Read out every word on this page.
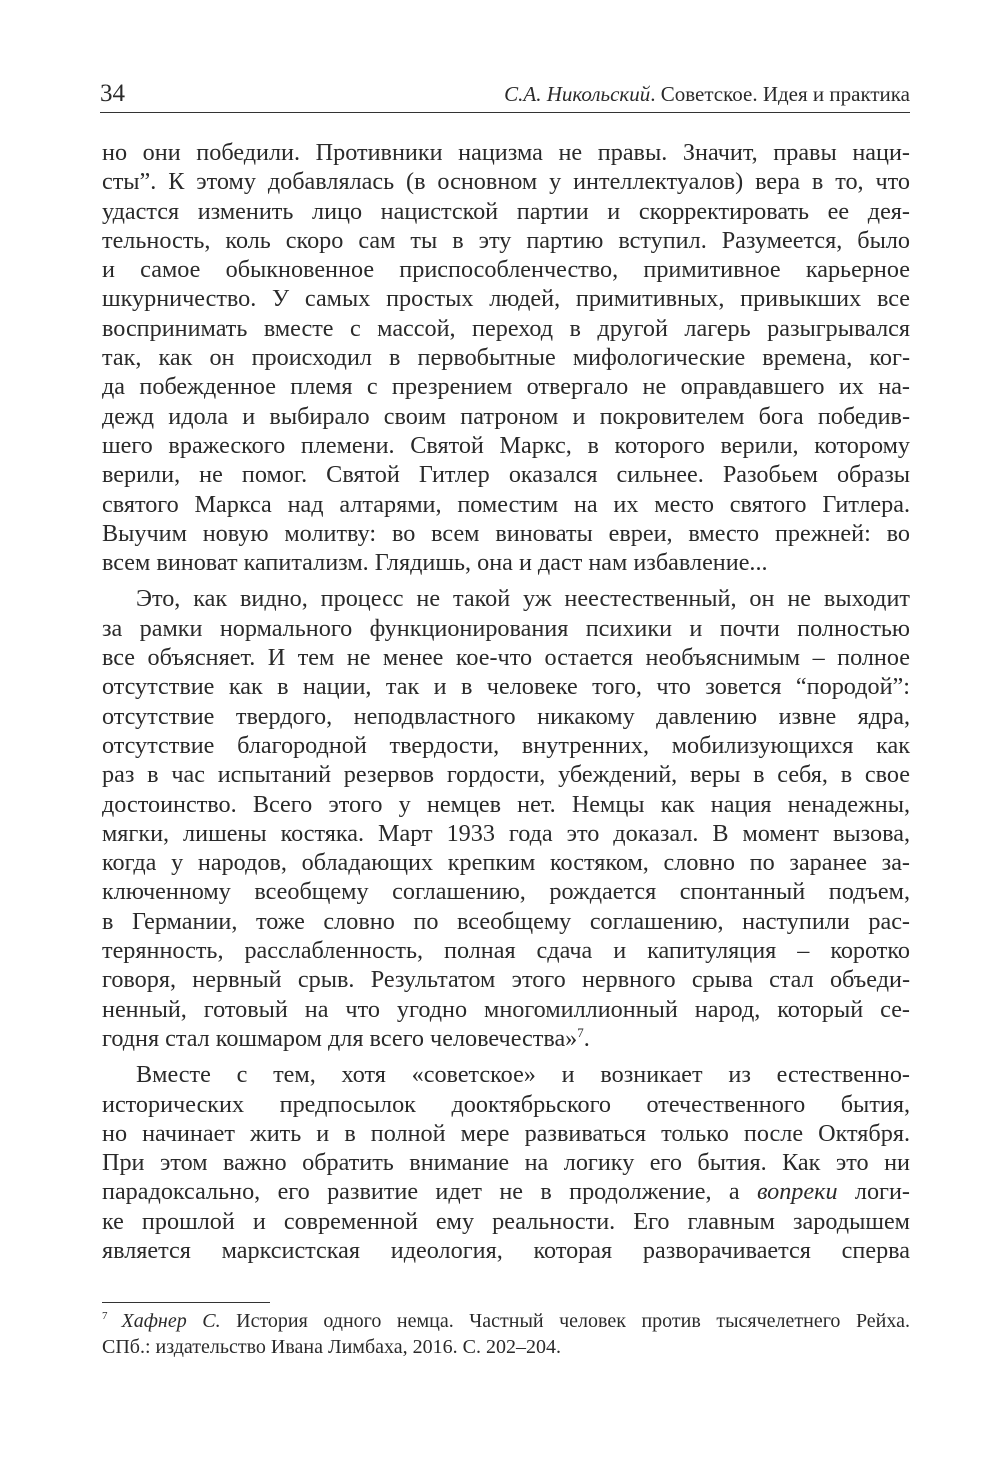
34	С.А. Никольский. Советское. Идея и практика
но они победили. Противники нацизма не правы. Значит, правы наци-
сты”. К этому добавлялась (в основном у интеллектуалов) вера в то, что
удастся изменить лицо нацистской партии и скорректировать ее дея-
тельность, коль скоро сам ты в эту партию вступил. Разумеется, было
и самое обыкновенное приспособленчество, примитивное карьерное
шкурничество. У самых простых людей, примитивных, привыкших все
воспринимать вместе с массой, переход в другой лагерь разыгрывался
так, как он происходил в первобытные мифологические времена, ког-
да побежденное племя с презрением отвергало не оправдавшего их на-
дежд идола и выбирало своим патроном и покровителем бога победив-
шего вражеского племени. Святой Маркс, в которого верили, которому
верили, не помог. Святой Гитлер оказался сильнее. Разобьем образы
святого Маркса над алтарями, поместим на их место святого Гитлера.
Выучим новую молитву: во всем виноваты евреи, вместо прежней: во
всем виноват капитализм. Глядишь, она и даст нам избавление...
Это, как видно, процесс не такой уж неестественный, он не выходит
за рамки нормального функционирования психики и почти полностью
все объясняет. И тем не менее кое-что остается необъяснимым – полное
отсутствие как в нации, так и в человеке того, что зовется “породой”:
отсутствие твердого, неподвластного никакому давлению извне ядра,
отсутствие благородной твердости, внутренних, мобилизующихся как
раз в час испытаний резервов гордости, убеждений, веры в себя, в свое
достоинство. Всего этого у немцев нет. Немцы как нация ненадежны,
мягки, лишены костяка. Март 1933 года это доказал. В момент вызова,
когда у народов, обладающих крепким костяком, словно по заранее за-
ключенному всеобщему соглашению, рождается спонтанный подъем,
в Германии, тоже словно по всеобщему соглашению, наступили рас-
терянность, расслабленность, полная сдача и капитуляция – коротко
говоря, нервный срыв. Результатом этого нервного срыва стал объеди-
ненный, готовый на что угодно многомиллионный народ, который се-
годня стал кошмаром для всего человечества»$^7$.
Вместе с тем, хотя «советское» и возникает из естественно-
исторических предпосылок дооктябрьского отечественного бытия,
но начинает жить и в полной мере развиваться только после Октября.
При этом важно обратить внимание на логику его бытия. Как это ни
парадоксально, его развитие идет не в продолжение, а вопреки логи-
ке прошлой и современной ему реальности. Его главным зародышем
является марксистская идеология, которая разворачивается сперва
$^7$ Хафнер С. История одного немца. Частный человек против тысячелетнего Рейха.
СПб.: издательство Ивана Лимбаха, 2016. С. 202–204.
